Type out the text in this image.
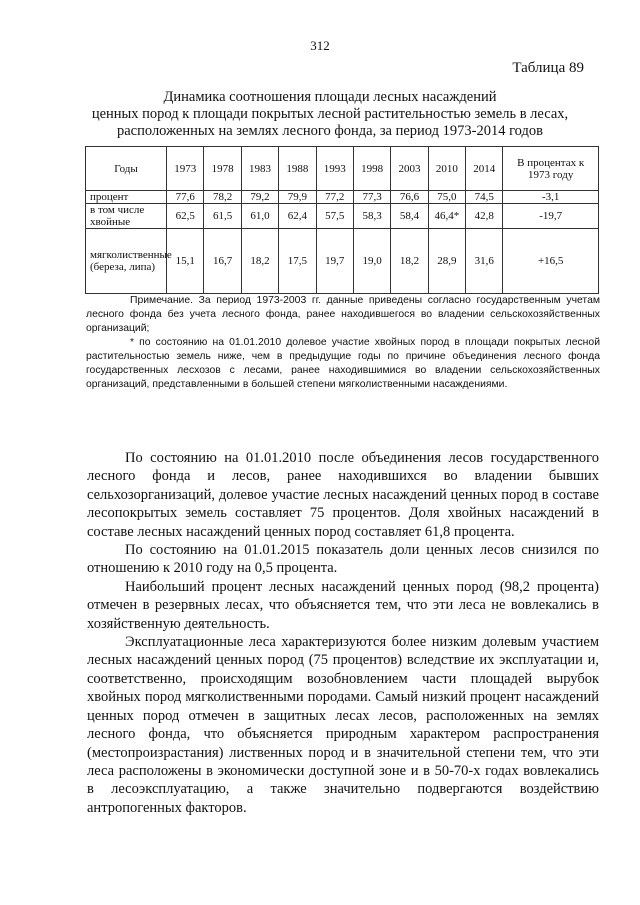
312
Таблица 89
Динамика соотношения площади лесных насаждений
ценных пород к площади покрытых лесной растительностью земель в лесах,
расположенных на землях лесного фонда, за период 1973-2014 годов
Годы	1973	1978	1983	1988	1993	1998	2003	2010	2014	В процентах к 1973 году
процент	77,6	78,2	79,2	79,9	77,2	77,3	76,6	75,0	74,5	-3,1
в том числе хвойные	62,5	61,5	61,0	62,4	57,5	58,3	58,4	46,4*	42,8	-19,7
мягколиственные (береза, липа)	15,1	16,7	18,2	17,5	19,7	19,0	18,2	28,9	31,6	+16,5

Примечание. За период 1973-2003 гг. данные приведены согласно государственным учетам лесного фонда без учета лесного фонда, ранее находившегося во владении сельскохозяйственных организаций;

* по состоянию на 01.01.2010 долевое участие хвойных пород в площади покрытых лесной растительностью земель ниже, чем в предыдущие годы по причине объединения лесного фонда государственных лесхозов с лесами, ранее находившимися во владении сельскохозяйственных организаций, представленными в большей степени мягколиственными насаждениями.

По состоянию на 01.01.2010 после объединения лесов государственного лесного фонда и лесов, ранее находившихся во владении бывших сельхозорганизаций, долевое участие лесных насаждений ценных пород в составе лесопокрытых земель составляет 75 процентов. Доля хвойных насаждений в составе лесных насаждений ценных пород составляет 61,8 процента.

По состоянию на 01.01.2015 показатель доли ценных лесов снизился по отношению к 2010 году на 0,5 процента.

Наибольший процент лесных насаждений ценных пород (98,2 процента) отмечен в резервных лесах, что объясняется тем, что эти леса не вовлекались в хозяйственную деятельность.

Эксплуатационные леса характеризуются более низким долевым участием лесных насаждений ценных пород (75 процентов) вследствие их эксплуатации и, соответственно, происходящим возобновлением части площадей вырубок хвойных пород мягколиственными породами. Самый низкий процент насаждений ценных пород отмечен в защитных лесах лесов, расположенных на землях лесного фонда, что объясняется природным характером распространения (местопроизрастания) лиственных пород и в значительной степени тем, что эти леса расположены в экономически доступной зоне и в 50-70-х годах вовлекались в лесоэксплуатацию, а также значительно подвергаются воздействию антропогенных факторов.
